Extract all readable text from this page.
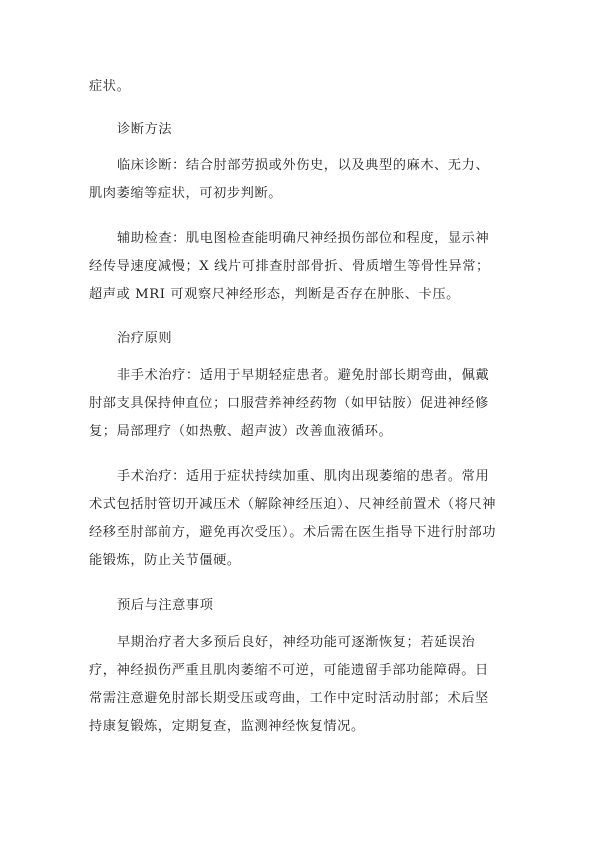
症状。

诊断方法

临床诊断：结合肘部劳损或外伤史，以及典型的麻木、无力、
肌肉萎缩等症状，可初步判断。

辅助检查：肌电图检查能明确尺神经损伤部位和程度，显示神
经传导速度减慢；X 线片可排查肘部骨折、骨质增生等骨性异常；
超声或 MRI 可观察尺神经形态，判断是否存在肿胀、卡压。

治疗原则

非手术治疗：适用于早期轻症患者。避免肘部长期弯曲，佩戴
肘部支具保持伸直位；口服营养神经药物（如甲钴胺）促进神经修
复；局部理疗（如热敷、超声波）改善血液循环。

手术治疗：适用于症状持续加重、肌肉出现萎缩的患者。常用
术式包括肘管切开减压术（解除神经压迫）、尺神经前置术（将尺神
经移至肘部前方，避免再次受压）。术后需在医生指导下进行肘部功
能锻炼，防止关节僵硬。

预后与注意事项

早期治疗者大多预后良好，神经功能可逐渐恢复；若延误治
疗，神经损伤严重且肌肉萎缩不可逆，可能遗留手部功能障碍。日
常需注意避免肘部长期受压或弯曲，工作中定时活动肘部；术后坚
持康复锻炼，定期复查，监测神经恢复情况。
